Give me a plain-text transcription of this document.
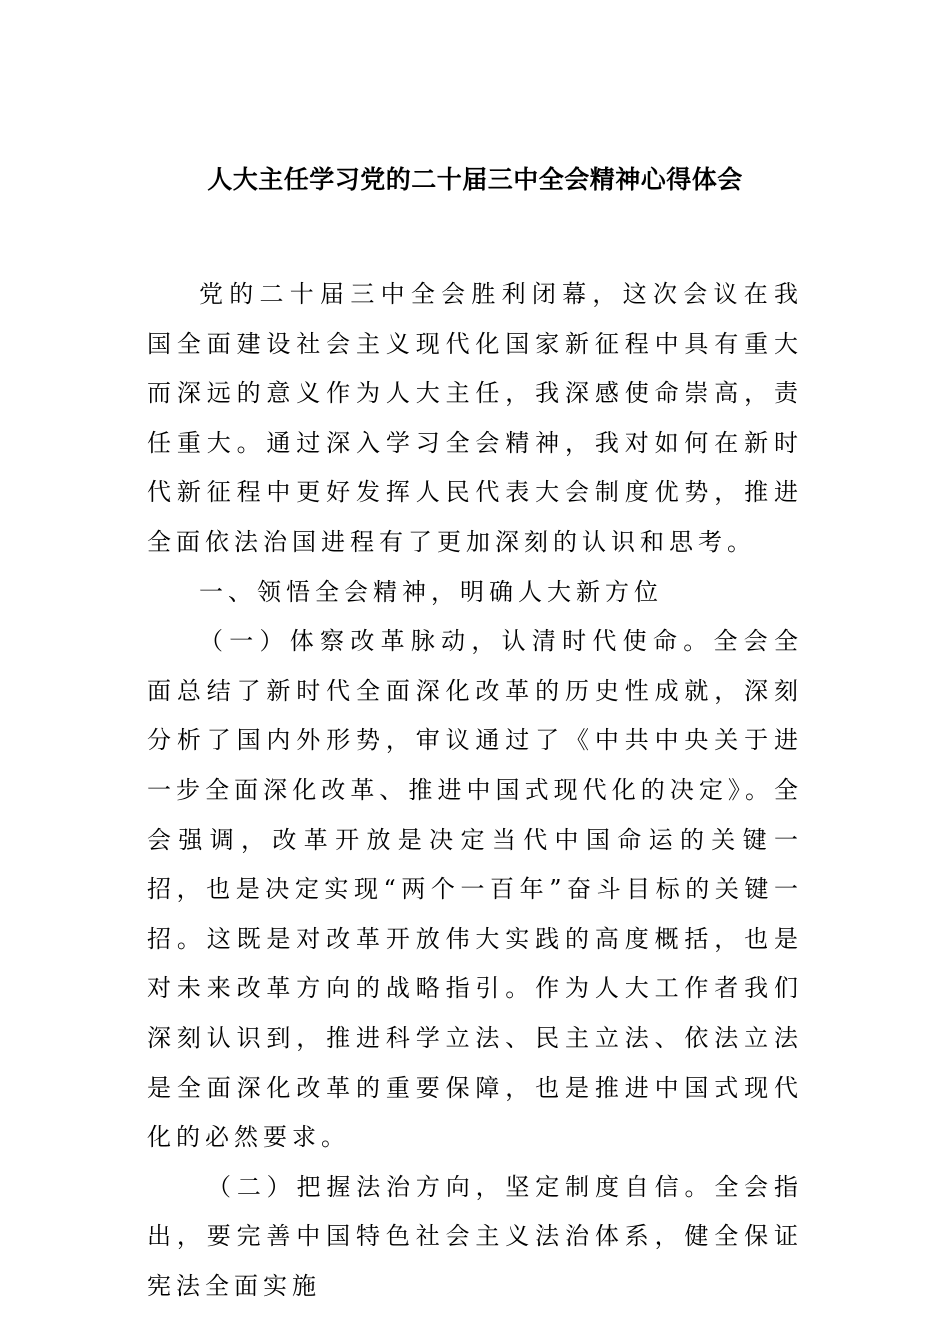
人大主任学习党的二十届三中全会精神心得体会

党的二十届三中全会胜利闭幕，这次会议在我国全面建设社会主义现代化国家新征程中具有重大而深远的意义作为人大主任，我深感使命崇高，责任重大。通过深入学习全会精神，我对如何在新时代新征程中更好发挥人民代表大会制度优势，推进全面依法治国进程有了更加深刻的认识和思考。

一、领悟全会精神，明确人大新方位

（一）体察改革脉动，认清时代使命。全会全面总结了新时代全面深化改革的历史性成就，深刻分析了国内外形势，审议通过了《中共中央关于进一步全面深化改革、推进中国式现代化的决定》。全会强调，改革开放是决定当代中国命运的关键一招，也是决定实现“两个一百年”奋斗目标的关键一招。这既是对改革开放伟大实践的高度概括，也是对未来改革方向的战略指引。作为人大工作者我们深刻认识到，推进科学立法、民主立法、依法立法是全面深化改革的重要保障，也是推进中国式现代化的必然要求。

（二）把握法治方向，坚定制度自信。全会指出，要完善中国特色社会主义法治体系，健全保证宪法全面实施
